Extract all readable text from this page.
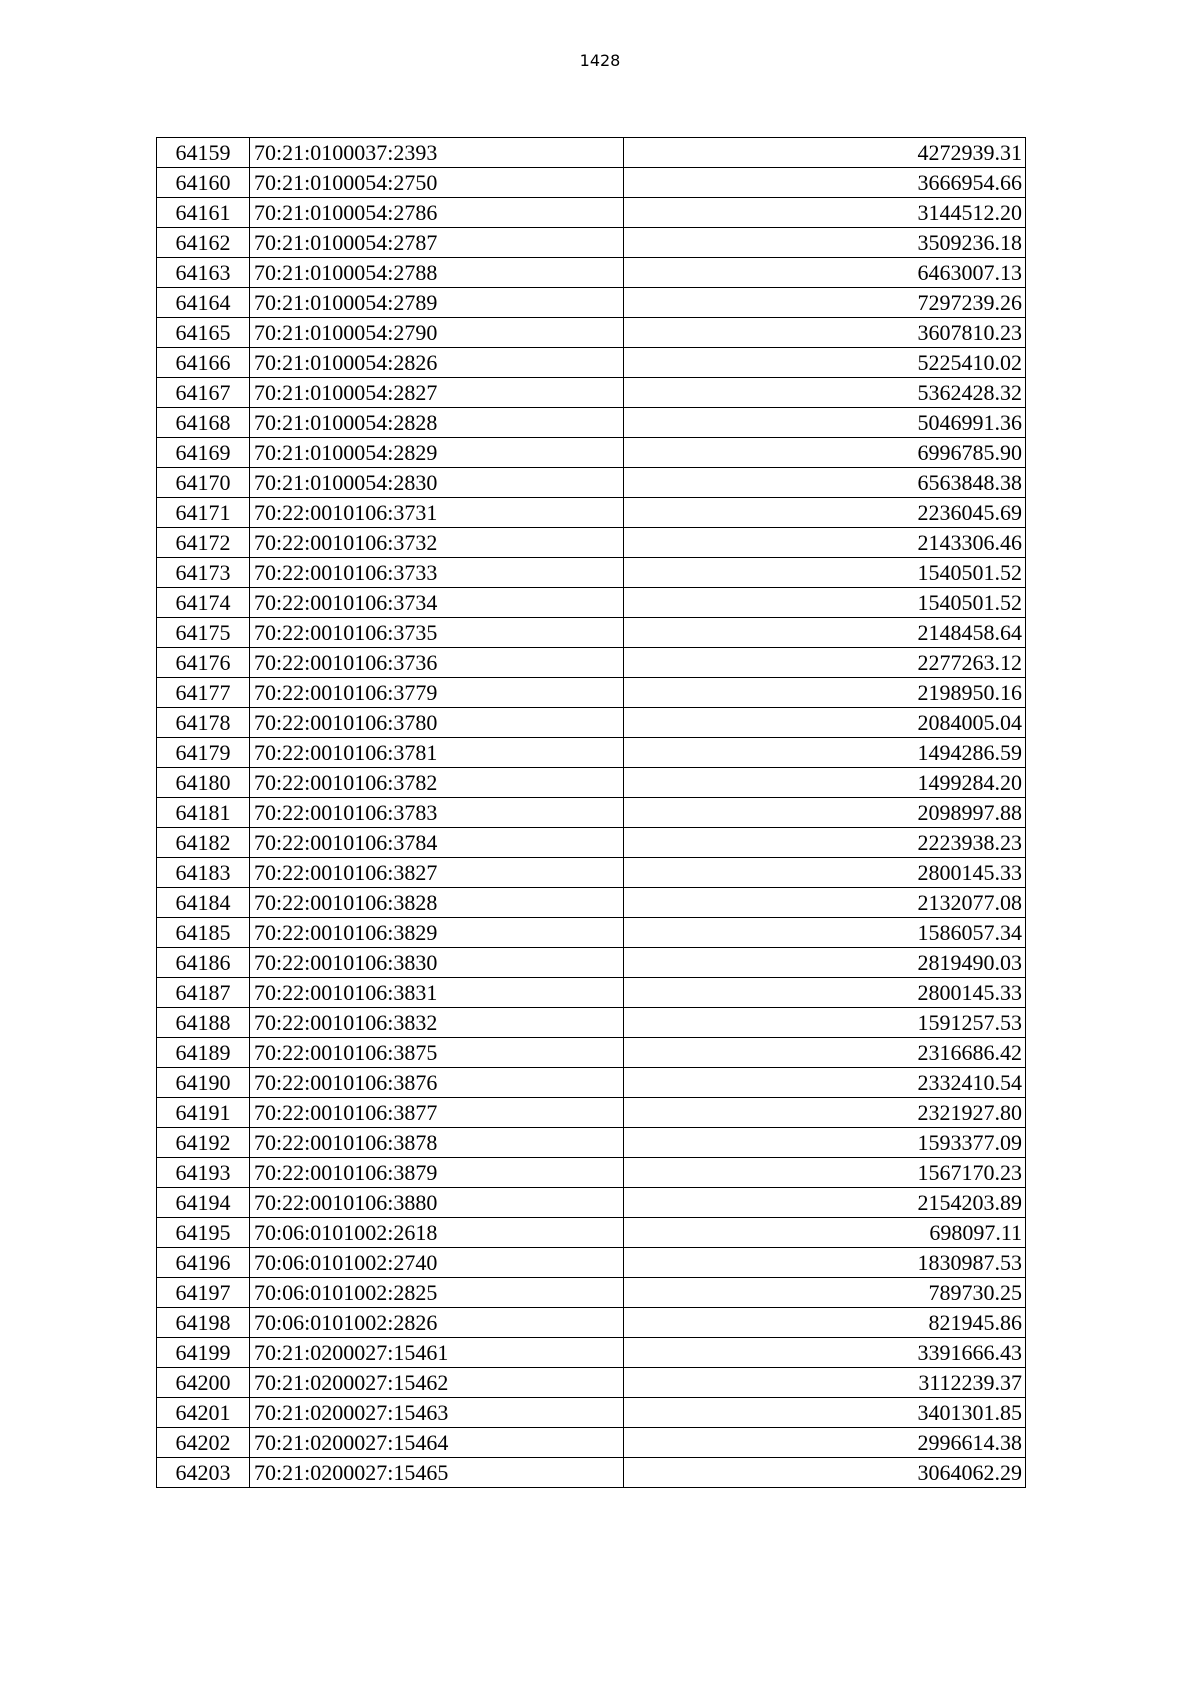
1428
64159	70:21:0100037:2393	4272939.31
64160	70:21:0100054:2750	3666954.66
64161	70:21:0100054:2786	3144512.20
64162	70:21:0100054:2787	3509236.18
64163	70:21:0100054:2788	6463007.13
64164	70:21:0100054:2789	7297239.26
64165	70:21:0100054:2790	3607810.23
64166	70:21:0100054:2826	5225410.02
64167	70:21:0100054:2827	5362428.32
64168	70:21:0100054:2828	5046991.36
64169	70:21:0100054:2829	6996785.90
64170	70:21:0100054:2830	6563848.38
64171	70:22:0010106:3731	2236045.69
64172	70:22:0010106:3732	2143306.46
64173	70:22:0010106:3733	1540501.52
64174	70:22:0010106:3734	1540501.52
64175	70:22:0010106:3735	2148458.64
64176	70:22:0010106:3736	2277263.12
64177	70:22:0010106:3779	2198950.16
64178	70:22:0010106:3780	2084005.04
64179	70:22:0010106:3781	1494286.59
64180	70:22:0010106:3782	1499284.20
64181	70:22:0010106:3783	2098997.88
64182	70:22:0010106:3784	2223938.23
64183	70:22:0010106:3827	2800145.33
64184	70:22:0010106:3828	2132077.08
64185	70:22:0010106:3829	1586057.34
64186	70:22:0010106:3830	2819490.03
64187	70:22:0010106:3831	2800145.33
64188	70:22:0010106:3832	1591257.53
64189	70:22:0010106:3875	2316686.42
64190	70:22:0010106:3876	2332410.54
64191	70:22:0010106:3877	2321927.80
64192	70:22:0010106:3878	1593377.09
64193	70:22:0010106:3879	1567170.23
64194	70:22:0010106:3880	2154203.89
64195	70:06:0101002:2618	698097.11
64196	70:06:0101002:2740	1830987.53
64197	70:06:0101002:2825	789730.25
64198	70:06:0101002:2826	821945.86
64199	70:21:0200027:15461	3391666.43
64200	70:21:0200027:15462	3112239.37
64201	70:21:0200027:15463	3401301.85
64202	70:21:0200027:15464	2996614.38
64203	70:21:0200027:15465	3064062.29
